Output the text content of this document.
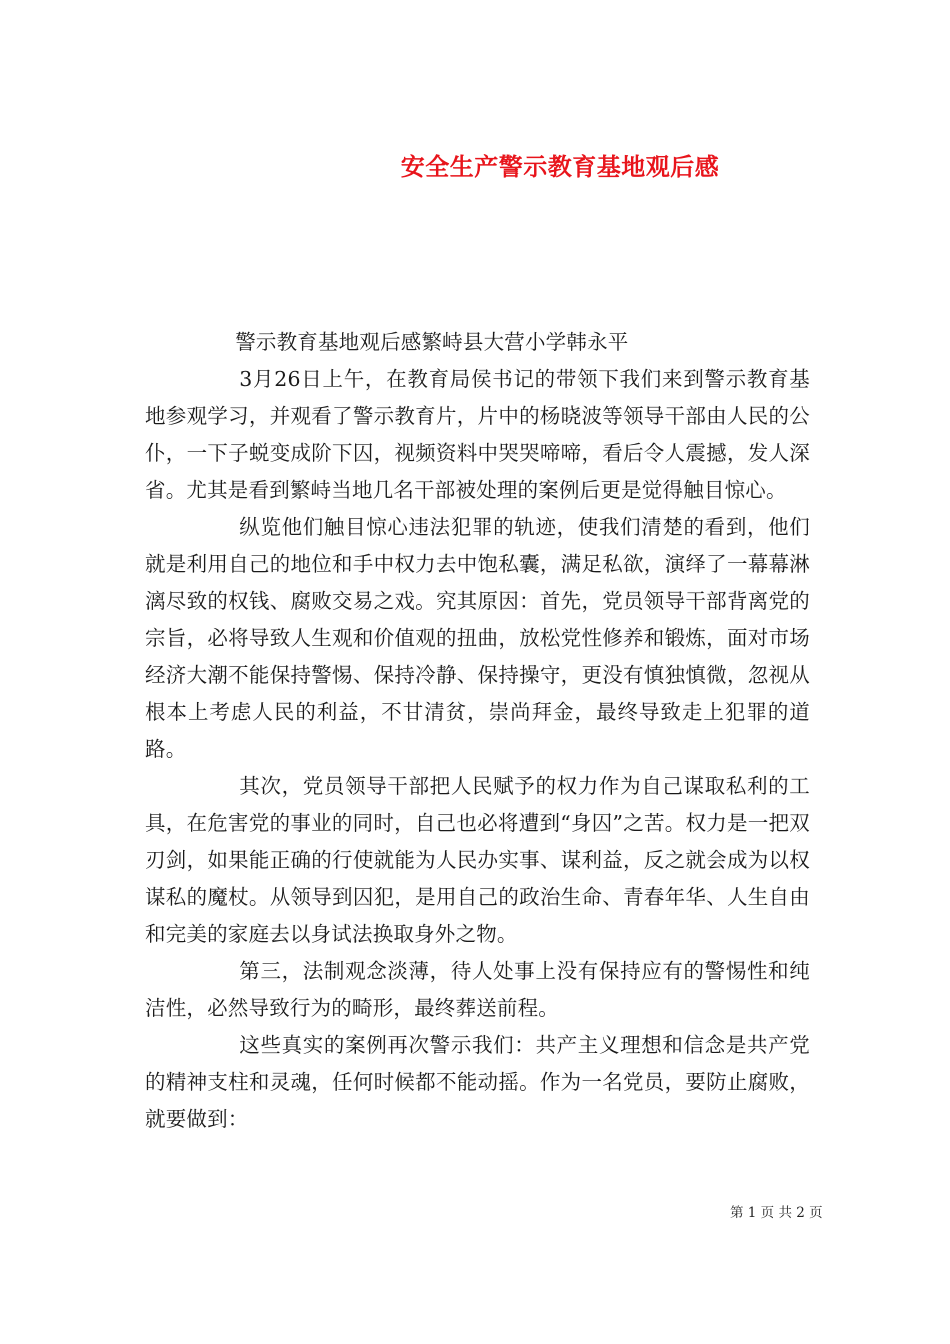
安全生产警示教育基地观后感

警示教育基地观后感繁峙县大营小学韩永平

3月26日上午，在教育局侯书记的带领下我们来到警示教育基地参观学习，并观看了警示教育片，片中的杨晓波等领导干部由人民的公仆，一下子蜕变成阶下囚，视频资料中哭哭啼啼，看后令人震撼，发人深省。尤其是看到繁峙当地几名干部被处理的案例后更是觉得触目惊心。

纵览他们触目惊心违法犯罪的轨迹，使我们清楚的看到，他们就是利用自己的地位和手中权力去中饱私囊，满足私欲，演绎了一幕幕淋漓尽致的权钱、腐败交易之戏。究其原因：首先，党员领导干部背离党的宗旨，必将导致人生观和价值观的扭曲，放松党性修养和锻炼，面对市场经济大潮不能保持警惕、保持冷静、保持操守，更没有慎独慎微，忽视从根本上考虑人民的利益，不甘清贫，崇尚拜金，最终导致走上犯罪的道路。

其次，党员领导干部把人民赋予的权力作为自己谋取私利的工具，在危害党的事业的同时，自己也必将遭到“身囚”之苦。权力是一把双刃剑，如果能正确的行使就能为人民办实事、谋利益，反之就会成为以权谋私的魔杖。从领导到囚犯，是用自己的政治生命、青春年华、人生自由和完美的家庭去以身试法换取身外之物。

第三，法制观念淡薄，待人处事上没有保持应有的警惕性和纯洁性，必然导致行为的畸形，最终葬送前程。

这些真实的案例再次警示我们：共产主义理想和信念是共产党的精神支柱和灵魂，任何时候都不能动摇。作为一名党员，要防止腐败，就要做到：

第 1 页 共 2 页
